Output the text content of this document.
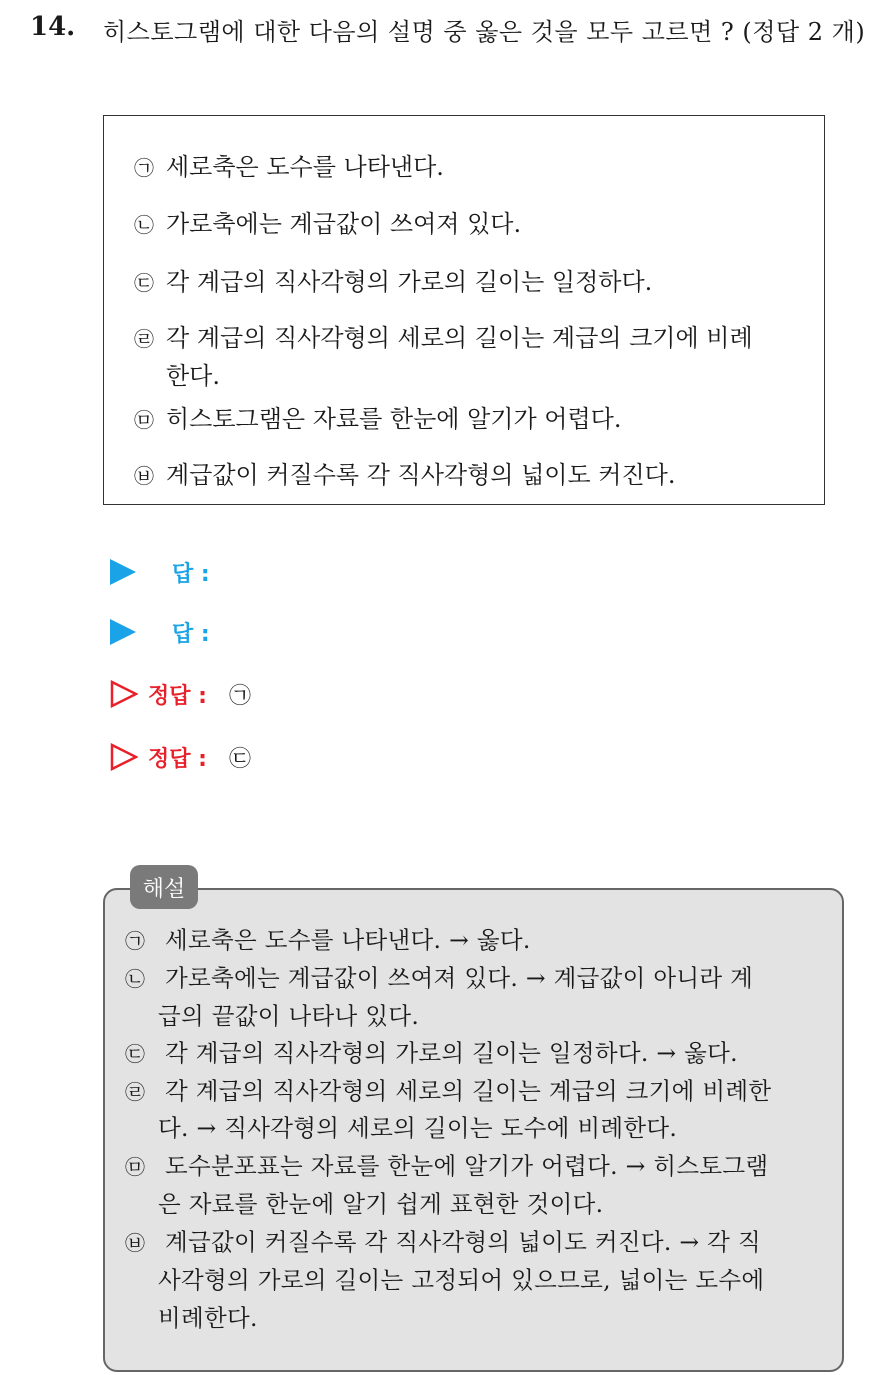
14. 히스토그램에 대한 다음의 설명 중 옳은 것을 모두 고르면 ? (정답 2 개)
㉠ 세로축은 도수를 나타낸다.
㉡ 가로축에는 계급값이 쓰여져 있다.
㉢ 각 계급의 직사각형의 가로의 길이는 일정하다.
㉣ 각 계급의 직사각형의 세로의 길이는 계급의 크기에 비례한다.
㉤ 히스토그램은 자료를 한눈에 알기가 어렵다.
㉥ 계급값이 커질수록 각 직사각형의 넓이도 커진다.
답 :
답 :
정답 : ㉠
정답 : ㉢
해설
㉠ 세로축은 도수를 나타낸다. → 옳다.
㉡ 가로축에는 계급값이 쓰여져 있다. → 계급값이 아니라 계
급의 끝값이 나타나 있다.
㉢ 각 계급의 직사각형의 가로의 길이는 일정하다. → 옳다.
㉣ 각 계급의 직사각형의 세로의 길이는 계급의 크기에 비례한
다. → 직사각형의 세로의 길이는 도수에 비례한다.
㉤ 도수분포표는 자료를 한눈에 알기가 어렵다. → 히스토그램
은 자료를 한눈에 알기 쉽게 표현한 것이다.
㉥ 계급값이 커질수록 각 직사각형의 넓이도 커진다. → 각 직
사각형의 가로의 길이는 고정되어 있으므로, 넓이는 도수에
비례한다.
